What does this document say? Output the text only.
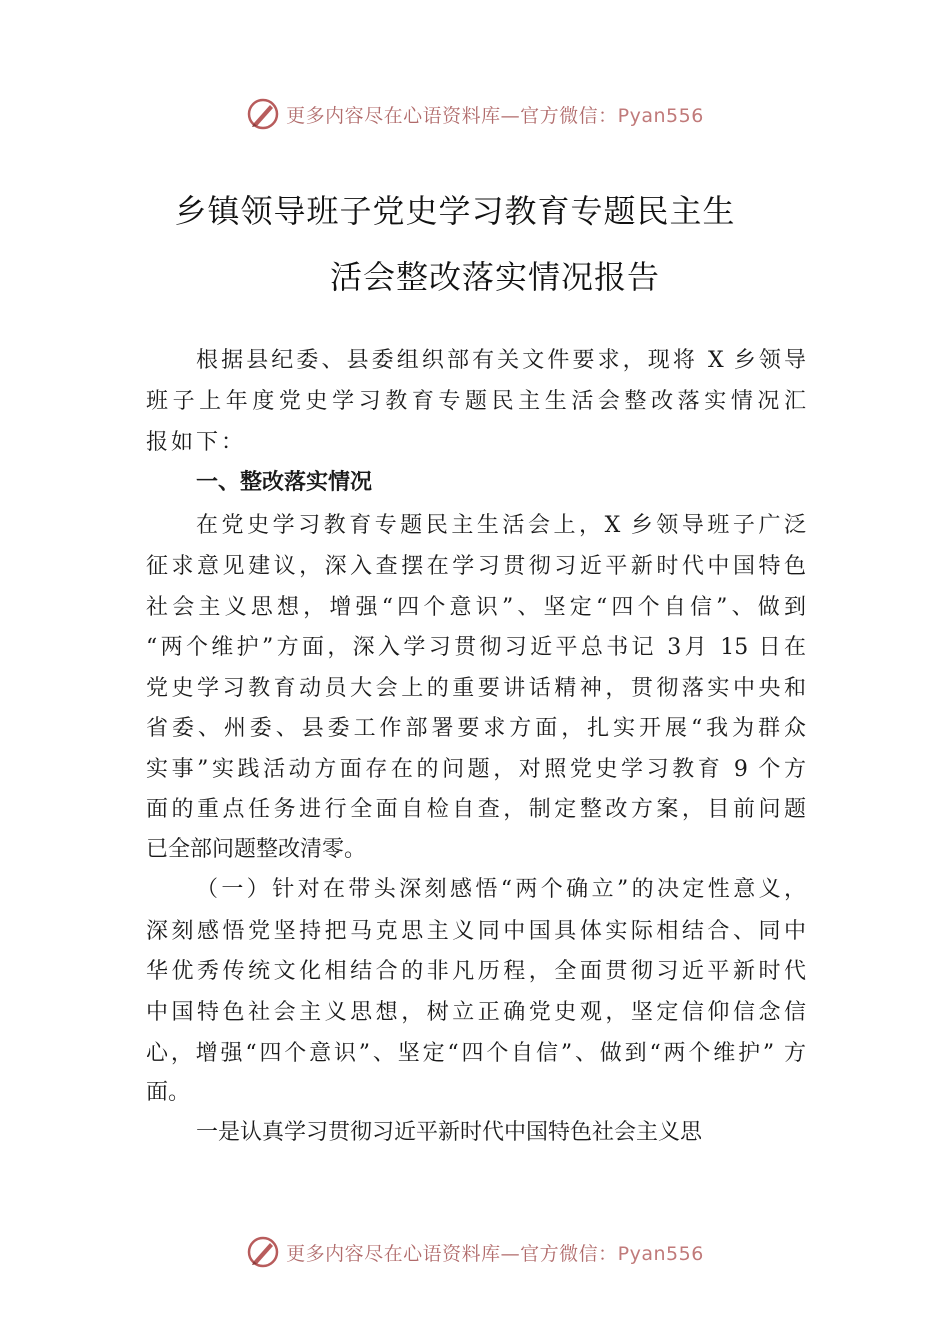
更多内容尽在心语资料库—官方微信：Pyan556
乡镇领导班子党史学习教育专题民主生
活会整改落实情况报告
根据县纪委、县委组织部有关文件要求，现将 X 乡领导
班子上年度党史学习教育专题民主生活会整改落实情况汇
报如下：
一、整改落实情况
在党史学习教育专题民主生活会上，X 乡领导班子广泛
征求意见建议，深入查摆在学习贯彻习近平新时代中国特色
社会主义思想，增强“四个意识”、坚定“四个自信”、做到
“两个维护”方面，深入学习贯彻习近平总书记 3月 15 日在
党史学习教育动员大会上的重要讲话精神，贯彻落实中央和
省委、州委、县委工作部署要求方面，扎实开展“我为群众
实事”实践活动方面存在的问题，对照党史学习教育 9 个方
面的重点任务进行全面自检自查，制定整改方案，目前问题
已全部问题整改清零。
（一）针对在带头深刻感悟“两个确立”的决定性意义，
深刻感悟党坚持把马克思主义同中国具体实际相结合、同中
华优秀传统文化相结合的非凡历程，全面贯彻习近平新时代
中国特色社会主义思想，树立正确党史观，坚定信仰信念信
心，增强“四个意识”、坚定“四个自信”、做到“两个维护” 方
面。
一是认真学习贯彻习近平新时代中国特色社会主义思
更多内容尽在心语资料库—官方微信：Pyan556
